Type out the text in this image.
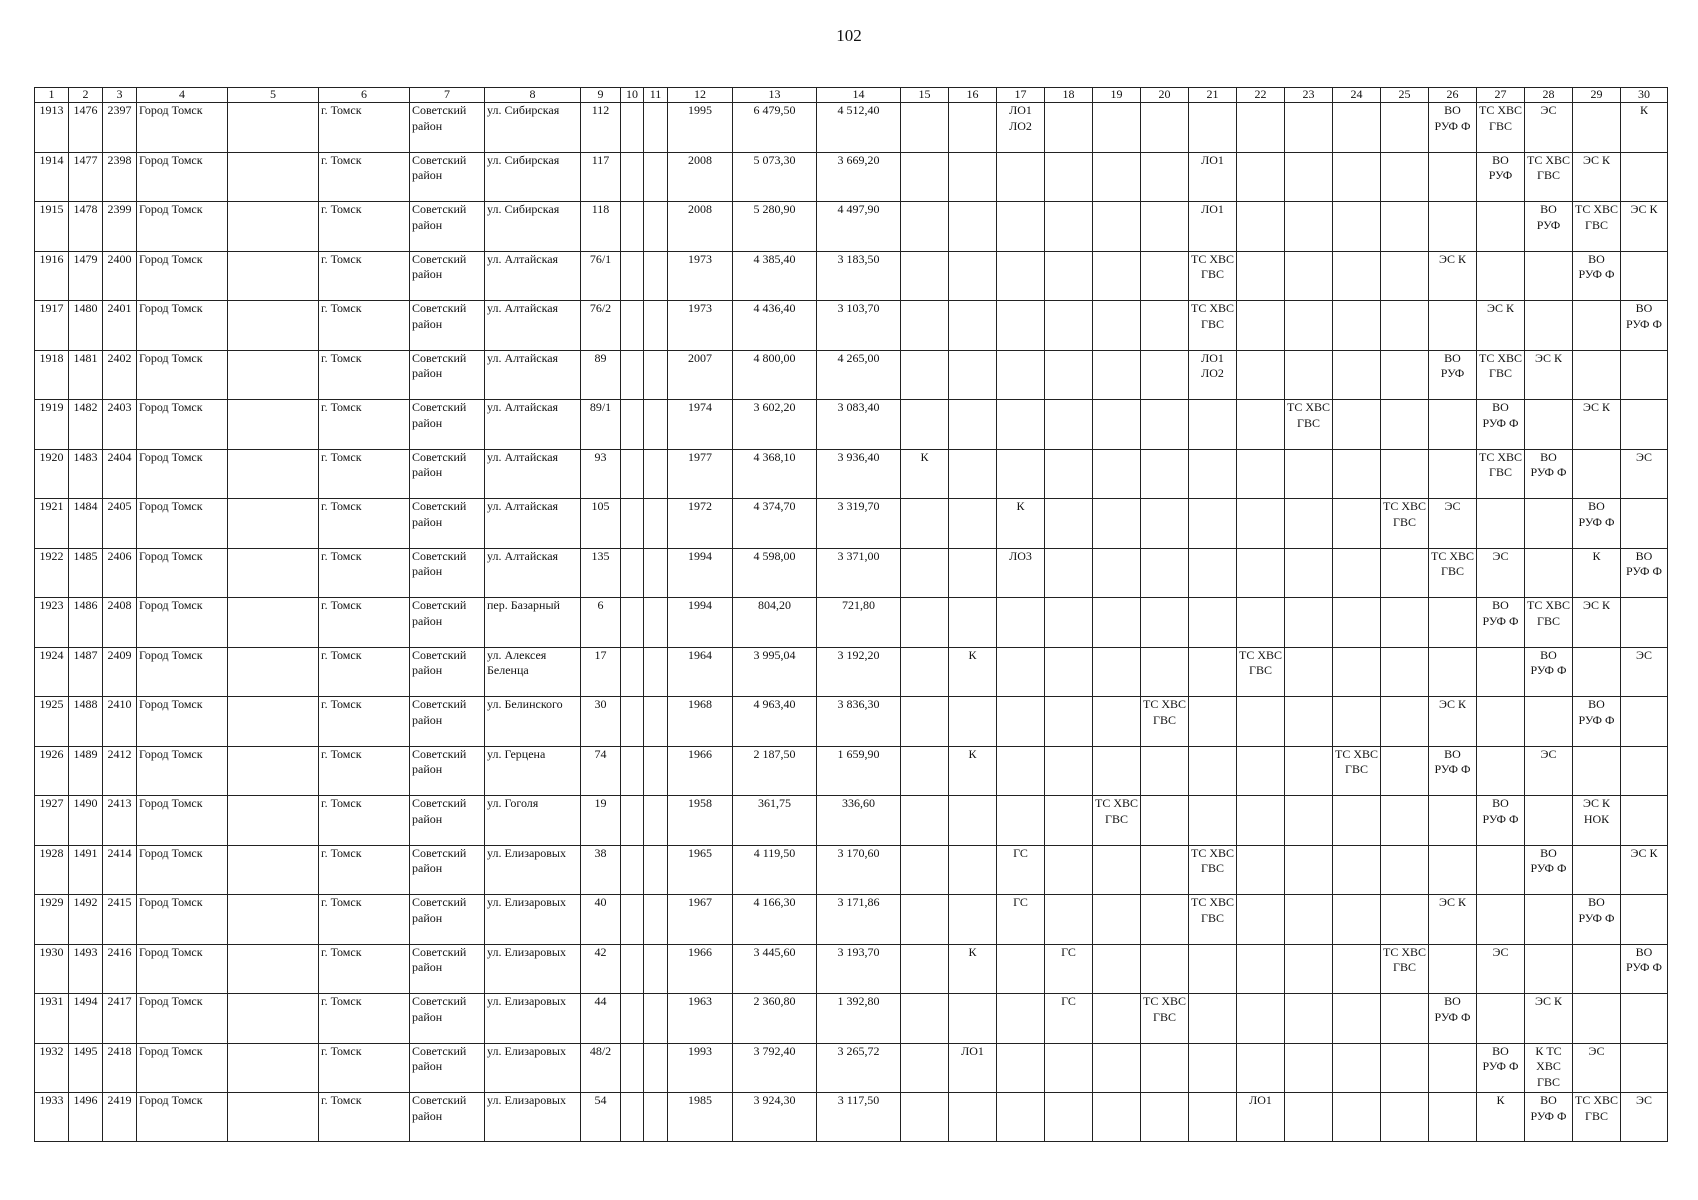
102
1	2	3	4	5	6	7	8	9	10	11	12	13	14	15	16	17	18	19	20	21	22	23	24	25	26	27	28	29	30
1913	1476	2397	Город Томск		г. Томск	Советский район	ул. Сибирская	112			1995	6 479,50	4 512,40			ЛО1 ЛО2									ВО РУФ Ф	ТС ХВС ГВС	ЭС		К
1914	1477	2398	Город Томск		г. Томск	Советский район	ул. Сибирская	117			2008	5 073,30	3 669,20							ЛО1						ВО РУФ	ТС ХВС ГВС	ЭС К	
1915	1478	2399	Город Томск		г. Томск	Советский район	ул. Сибирская	118			2008	5 280,90	4 497,90							ЛО1							ВО РУФ	ТС ХВС ГВС	ЭС К
1916	1479	2400	Город Томск		г. Томск	Советский район	ул. Алтайская	76/1			1973	4 385,40	3 183,50							ТС ХВС ГВС					ЭС К			ВО РУФ Ф	
1917	1480	2401	Город Томск		г. Томск	Советский район	ул. Алтайская	76/2			1973	4 436,40	3 103,70							ТС ХВС ГВС						ЭС К			ВО РУФ Ф
1918	1481	2402	Город Томск		г. Томск	Советский район	ул. Алтайская	89			2007	4 800,00	4 265,00							ЛО1 ЛО2					ВО РУФ	ТС ХВС ГВС	ЭС К		
1919	1482	2403	Город Томск		г. Томск	Советский район	ул. Алтайская	89/1			1974	3 602,20	3 083,40									ТС ХВС ГВС				ВО РУФ Ф		ЭС К	
1920	1483	2404	Город Томск		г. Томск	Советский район	ул. Алтайская	93			1977	4 368,10	3 936,40	К												ТС ХВС ГВС	ВО РУФ Ф		ЭС
1921	1484	2405	Город Томск		г. Томск	Советский район	ул. Алтайская	105			1972	4 374,70	3 319,70			К								ТС ХВС ГВС	ЭС			ВО РУФ Ф	
1922	1485	2406	Город Томск		г. Томск	Советский район	ул. Алтайская	135			1994	4 598,00	3 371,00			ЛО3									ТС ХВС ГВС	ЭС		К	ВО РУФ Ф
1923	1486	2408	Город Томск		г. Томск	Советский район	пер. Базарный	6			1994	804,20	721,80													ВО РУФ Ф	ТС ХВС ГВС	ЭС К	
1924	1487	2409	Город Томск		г. Томск	Советский район	ул. Алексея Беленца	17			1964	3 995,04	3 192,20		К						ТС ХВС ГВС						ВО РУФ Ф		ЭС
1925	1488	2410	Город Томск		г. Томск	Советский район	ул. Белинского	30			1968	4 963,40	3 836,30						ТС ХВС ГВС						ЭС К			ВО РУФ Ф	
1926	1489	2412	Город Томск		г. Томск	Советский район	ул. Герцена	74			1966	2 187,50	1 659,90		К								ТС ХВС ГВС		ВО РУФ Ф		ЭС		
1927	1490	2413	Город Томск		г. Томск	Советский район	ул. Гоголя	19			1958	361,75	336,60					ТС ХВС ГВС								ВО РУФ Ф		ЭС К НОК	
1928	1491	2414	Город Томск		г. Томск	Советский район	ул. Елизаровых	38			1965	4 119,50	3 170,60			ГС				ТС ХВС ГВС							ВО РУФ Ф		ЭС К
1929	1492	2415	Город Томск		г. Томск	Советский район	ул. Елизаровых	40			1967	4 166,30	3 171,86			ГС				ТС ХВС ГВС					ЭС К			ВО РУФ Ф	
1930	1493	2416	Город Томск		г. Томск	Советский район	ул. Елизаровых	42			1966	3 445,60	3 193,70		К		ГС							ТС ХВС ГВС		ЭС			ВО РУФ Ф
1931	1494	2417	Город Томск		г. Томск	Советский район	ул. Елизаровых	44			1963	2 360,80	1 392,80				ГС		ТС ХВС ГВС						ВО РУФ Ф		ЭС К		
1932	1495	2418	Город Томск		г. Томск	Советский район	ул. Елизаровых	48/2			1993	3 792,40	3 265,72		ЛО1											ВО РУФ Ф	К ТС ХВС ГВС	ЭС	
1933	1496	2419	Город Томск		г. Томск	Советский район	ул. Елизаровых	54			1985	3 924,30	3 117,50								ЛО1					К	ВО РУФ Ф	ТС ХВС ГВС	ЭС
